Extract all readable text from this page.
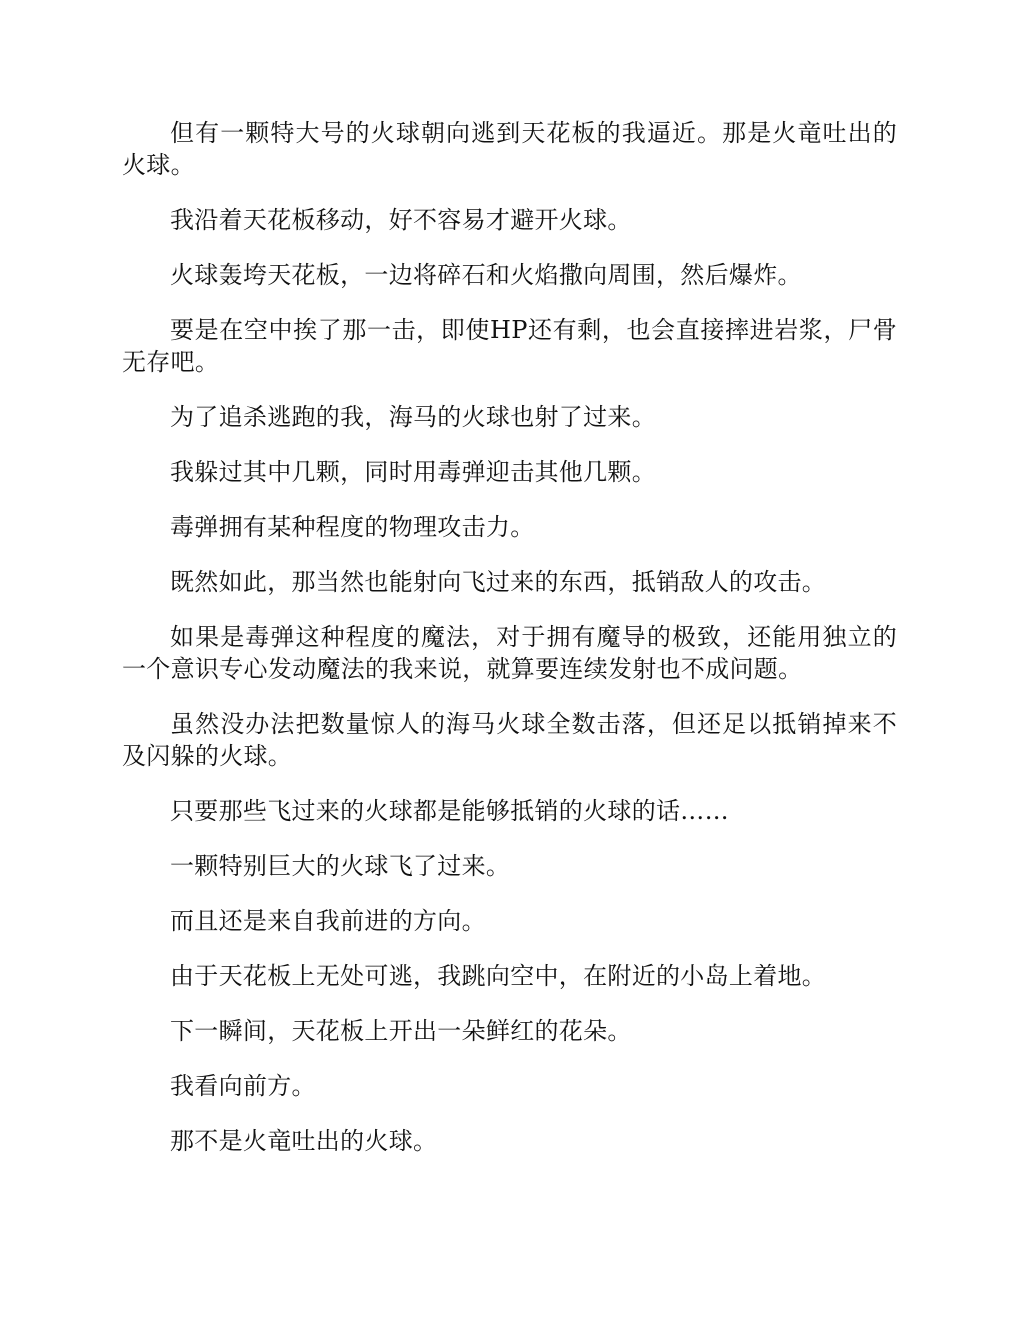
但有一颗特大号的火球朝向逃到天花板的我逼近。那是火竜吐出的火球。

我沿着天花板移动，好不容易才避开火球。

火球轰垮天花板，一边将碎石和火焰撒向周围，然后爆炸。

要是在空中挨了那一击，即使HP还有剩，也会直接摔进岩浆，尸骨无存吧。

为了追杀逃跑的我，海马的火球也射了过来。

我躲过其中几颗，同时用毒弹迎击其他几颗。

毒弹拥有某种程度的物理攻击力。

既然如此，那当然也能射向飞过来的东西，抵销敌人的攻击。

如果是毒弹这种程度的魔法，对于拥有魔导的极致，还能用独立的一个意识专心发动魔法的我来说，就算要连续发射也不成问题。

虽然没办法把数量惊人的海马火球全数击落，但还足以抵销掉来不及闪躲的火球。

只要那些飞过来的火球都是能够抵销的火球的话……

一颗特别巨大的火球飞了过来。

而且还是来自我前进的方向。

由于天花板上无处可逃，我跳向空中，在附近的小岛上着地。

下一瞬间，天花板上开出一朵鲜红的花朵。

我看向前方。

那不是火竜吐出的火球。
